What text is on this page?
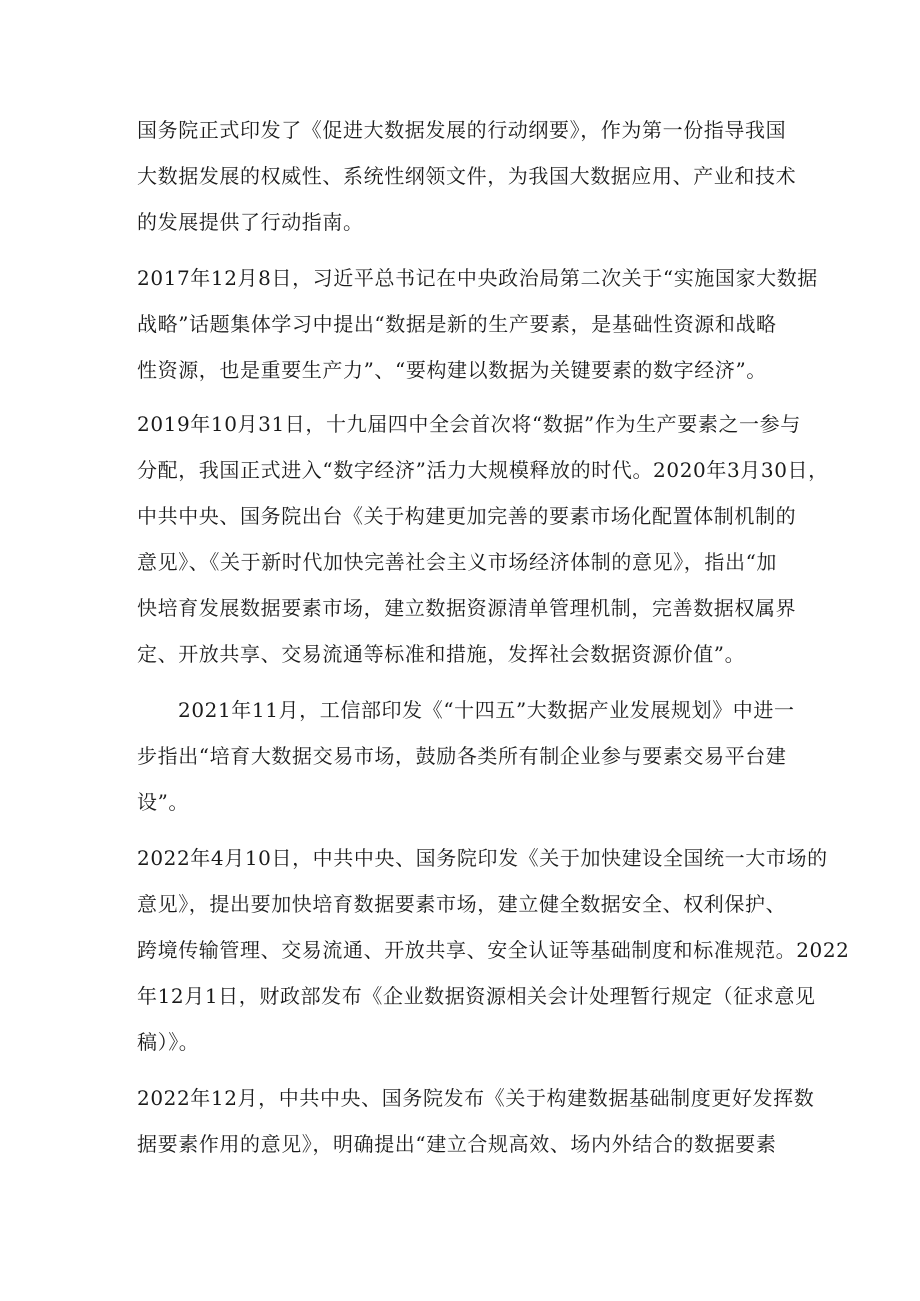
国务院正式印发了《促进大数据发展的行动纲要》，作为第一份指导我国
大数据发展的权威性、系统性纲领文件，为我国大数据应用、产业和技术
的发展提供了行动指南。
2017年12月8日，习近平总书记在中央政治局第二次关于“实施国家大数据
战略”话题集体学习中提出“数据是新的生产要素，是基础性资源和战略
性资源，也是重要生产力”、“要构建以数据为关键要素的数字经济”。
2019年10月31日，十九届四中全会首次将“数据”作为生产要素之一参与
分配，我国正式进入“数字经济”活力大规模释放的时代。2020年3月30日，
中共中央、国务院出台《关于构建更加完善的要素市场化配置体制机制的
意见》、《关于新时代加快完善社会主义市场经济体制的意见》，指出“加
快培育发展数据要素市场，建立数据资源清单管理机制，完善数据权属界
定、开放共享、交易流通等标准和措施，发挥社会数据资源价值”。
2021年11月，工信部印发《“十四五”大数据产业发展规划》中进一
步指出“培育大数据交易市场，鼓励各类所有制企业参与要素交易平台建
设”。
2022年4月10日，中共中央、国务院印发《关于加快建设全国统一大市场的
意见》，提出要加快培育数据要素市场，建立健全数据安全、权利保护、
跨境传输管理、交易流通、开放共享、安全认证等基础制度和标准规范。2022
年12月1日，财政部发布《企业数据资源相关会计处理暂行规定（征求意见
稿）》。
2022年12月，中共中央、国务院发布《关于构建数据基础制度更好发挥数
据要素作用的意见》，明确提出“建立合规高效、场内外结合的数据要素
